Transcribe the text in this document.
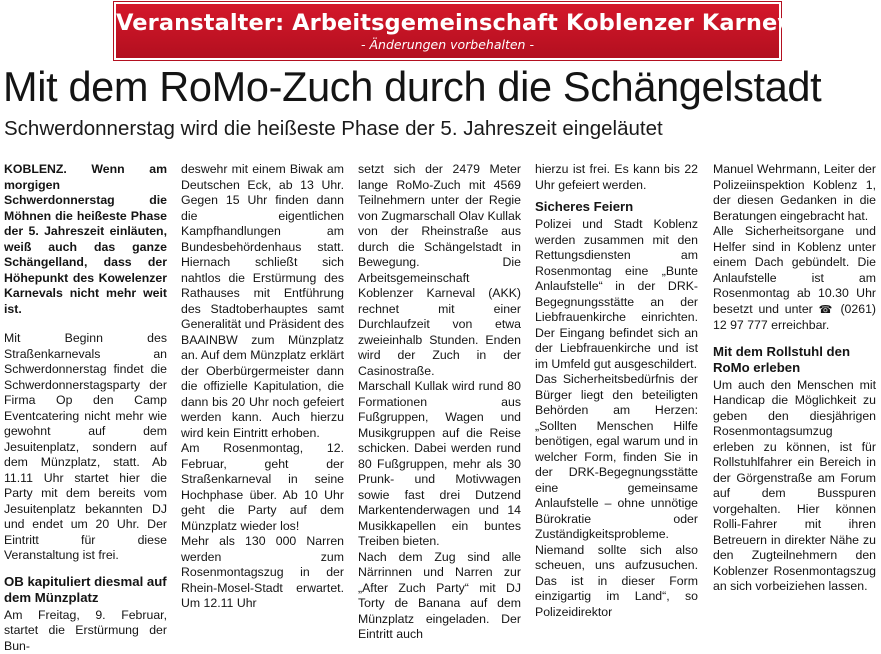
Veranstalter: Arbeitsgemeinschaft Koblenzer Karneval e.V.
- Änderungen vorbehalten -
Mit dem RoMo-Zuch durch die Schängelstadt
Schwerdonnerstag wird die heißeste Phase der 5. Jahreszeit eingeläutet

KOBLENZ. Wenn am morgigen Schwerdonnerstag die Möhnen die heißeste Phase der 5. Jahreszeit einläuten, weiß auch das ganze Schängelland, dass der Höhepunkt des Kowelenzer Karnevals nicht mehr weit ist.

Mit Beginn des Straßenkarnevals an Schwerdonnerstag findet die Schwerdonnerstagsparty der Firma Op den Camp Eventcatering nicht mehr wie gewohnt auf dem Jesuitenplatz, sondern auf dem Münzplatz, statt. Ab 11.11 Uhr startet hier die Party mit dem bereits vom Jesuitenplatz bekannten DJ und endet um 20 Uhr. Der Eintritt für diese Veranstaltung ist frei.

OB kapituliert diesmal auf dem Münzplatz

Am Freitag, 9. Februar, startet die Erstürmung der Bun-

deswehr mit einem Biwak am Deutschen Eck, ab 13 Uhr. Gegen 15 Uhr finden dann die eigentlichen Kampfhandlungen am Bundesbehördenhaus statt. Hiernach schließt sich nahtlos die Erstürmung des Rathauses mit Entführung des Stadtoberhauptes samt Generalität und Präsident des BAAINBW zum Münzplatz an. Auf dem Münzplatz erklärt der Oberbürgermeister dann die offizielle Kapitulation, die dann bis 20 Uhr noch gefeiert werden kann. Auch hierzu wird kein Eintritt erhoben.

Am Rosenmontag, 12. Februar, geht der Straßenkarneval in seine Hochphase über. Ab 10 Uhr geht die Party auf dem Münzplatz wieder los!

Mehr als 130 000 Narren werden zum Rosenmontagszug in der Rhein-Mosel-Stadt erwartet. Um 12.11 Uhr

setzt sich der 2479 Meter lange RoMo-Zuch mit 4569 Teilnehmern unter der Regie von Zugmarschall Olav Kullak von der Rheinstraße aus durch die Schängelstadt in Bewegung. Die Arbeitsgemeinschaft Koblenzer Karneval (AKK) rechnet mit einer Durchlaufzeit von etwa zweieinhalb Stunden. Enden wird der Zuch in der Casinostraße.

Marschall Kullak wird rund 80 Formationen aus Fußgruppen, Wagen und Musikgruppen auf die Reise schicken. Dabei werden rund 80 Fußgruppen, mehr als 30 Prunk- und Motivwagen sowie fast drei Dutzend Markentenderwagen und 14 Musikkapellen ein buntes Treiben bieten.

Nach dem Zug sind alle Närrinnen und Narren zur „After Zuch Party“ mit DJ Torty de Banana auf dem Münzplatz eingeladen. Der Eintritt auch

hierzu ist frei. Es kann bis 22 Uhr gefeiert werden.

Sicheres Feiern

Polizei und Stadt Koblenz werden zusammen mit den Rettungsdiensten am Rosenmontag eine „Bunte Anlaufstelle“ in der DRK-Begegnungsstätte an der Liebfrauenkirche einrichten. Der Eingang befindet sich an der Liebfrauenkirche und ist im Umfeld gut ausgeschildert.

Das Sicherheitsbedürfnis der Bürger liegt den beteiligten Behörden am Herzen: „Sollten Menschen Hilfe benötigen, egal warum und in welcher Form, finden Sie in der DRK-Begegnungsstätte eine gemeinsame Anlaufstelle – ohne unnötige Bürokratie oder Zuständigkeitsprobleme. Niemand sollte sich also scheuen, uns aufzusuchen. Das ist in dieser Form einzigartig im Land“, so Polizeidirektor

Manuel Wehrmann, Leiter der Polizeiinspektion Koblenz 1, der diesen Gedanken in die Beratungen eingebracht hat.

Alle Sicherheitsorgane und Helfer sind in Koblenz unter einem Dach gebündelt. Die Anlaufstelle ist am Rosenmontag ab 10.30 Uhr besetzt und unter ☎ (0261) 12 97 777 erreichbar.

Mit dem Rollstuhl den RoMo erleben

Um auch den Menschen mit Handicap die Möglichkeit zu geben den diesjährigen Rosenmontagsumzug erleben zu können, ist für Rollstuhlfahrer ein Bereich in der Görgenstraße am Forum auf dem Busspuren vorgehalten. Hier können Rolli-Fahrer mit ihren Betreuern in direkter Nähe zu den Zugteilnehmern den Koblenzer Rosenmontagszug an sich vorbeiziehen lassen.
